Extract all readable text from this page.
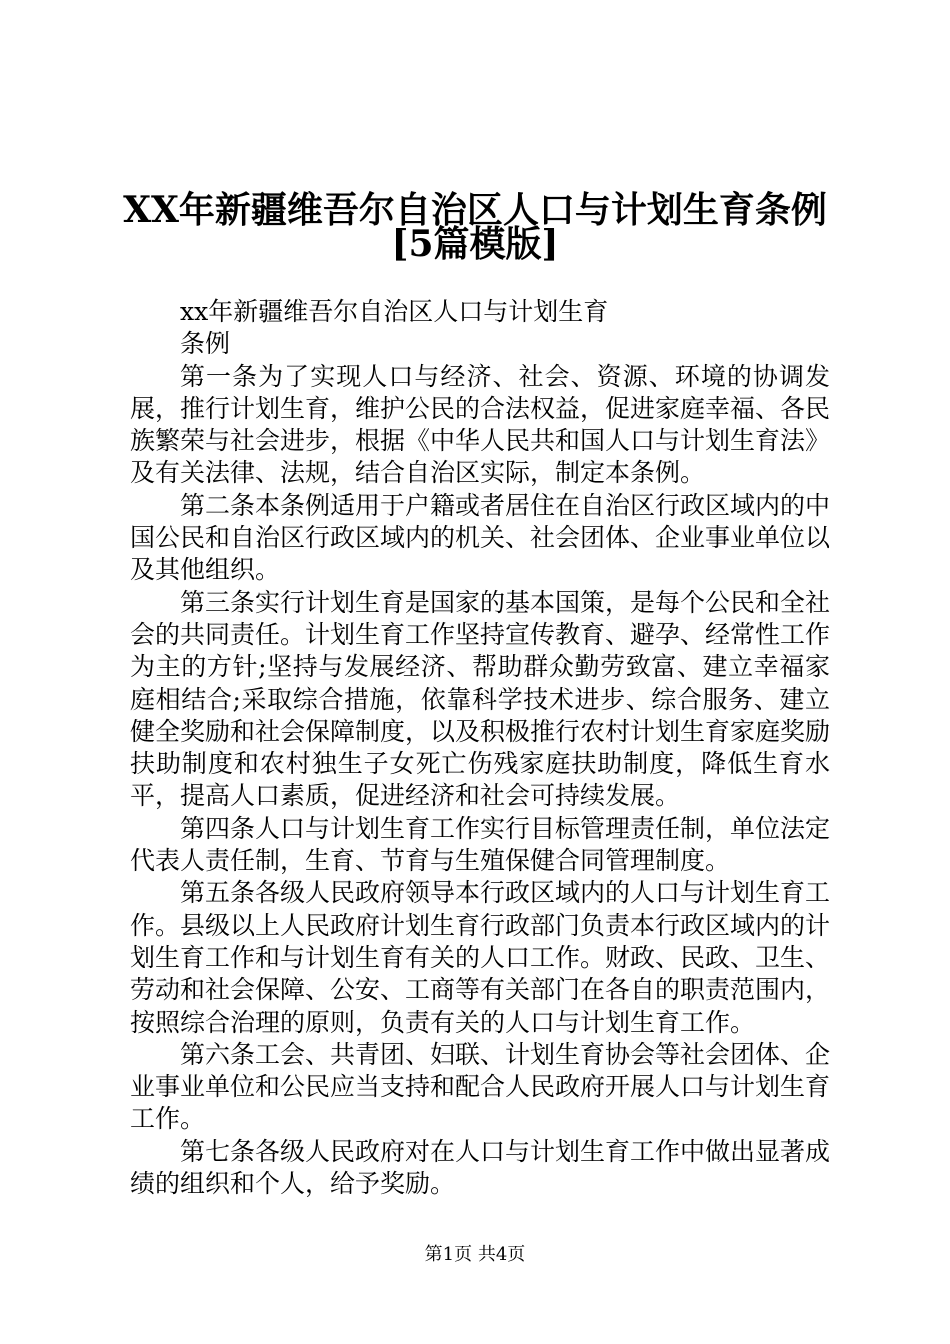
XX年新疆维吾尔自治区人口与计划生育条例
[5篇模版]

xx年新疆维吾尔自治区人口与计划生育

条例

第一条为了实现人口与经济、社会、资源、环境的协调发展，推行计划生育，维护公民的合法权益，促进家庭幸福、各民族繁荣与社会进步，根据《中华人民共和国人口与计划生育法》及有关法律、法规，结合自治区实际，制定本条例。

第二条本条例适用于户籍或者居住在自治区行政区域内的中国公民和自治区行政区域内的机关、社会团体、企业事业单位以及其他组织。

第三条实行计划生育是国家的基本国策，是每个公民和全社会的共同责任。计划生育工作坚持宣传教育、避孕、经常性工作为主的方针;坚持与发展经济、帮助群众勤劳致富、建立幸福家庭相结合;采取综合措施，依靠科学技术进步、综合服务、建立健全奖励和社会保障制度，以及积极推行农村计划生育家庭奖励扶助制度和农村独生子女死亡伤残家庭扶助制度，降低生育水平，提高人口素质，促进经济和社会可持续发展。

第四条人口与计划生育工作实行目标管理责任制，单位法定代表人责任制，生育、节育与生殖保健合同管理制度。

第五条各级人民政府领导本行政区域内的人口与计划生育工作。县级以上人民政府计划生育行政部门负责本行政区域内的计划生育工作和与计划生育有关的人口工作。财政、民政、卫生、劳动和社会保障、公安、工商等有关部门在各自的职责范围内，按照综合治理的原则，负责有关的人口与计划生育工作。

第六条工会、共青团、妇联、计划生育协会等社会团体、企业事业单位和公民应当支持和配合人民政府开展人口与计划生育工作。

第七条各级人民政府对在人口与计划生育工作中做出显著成绩的组织和个人，给予奖励。

第1页 共4页
